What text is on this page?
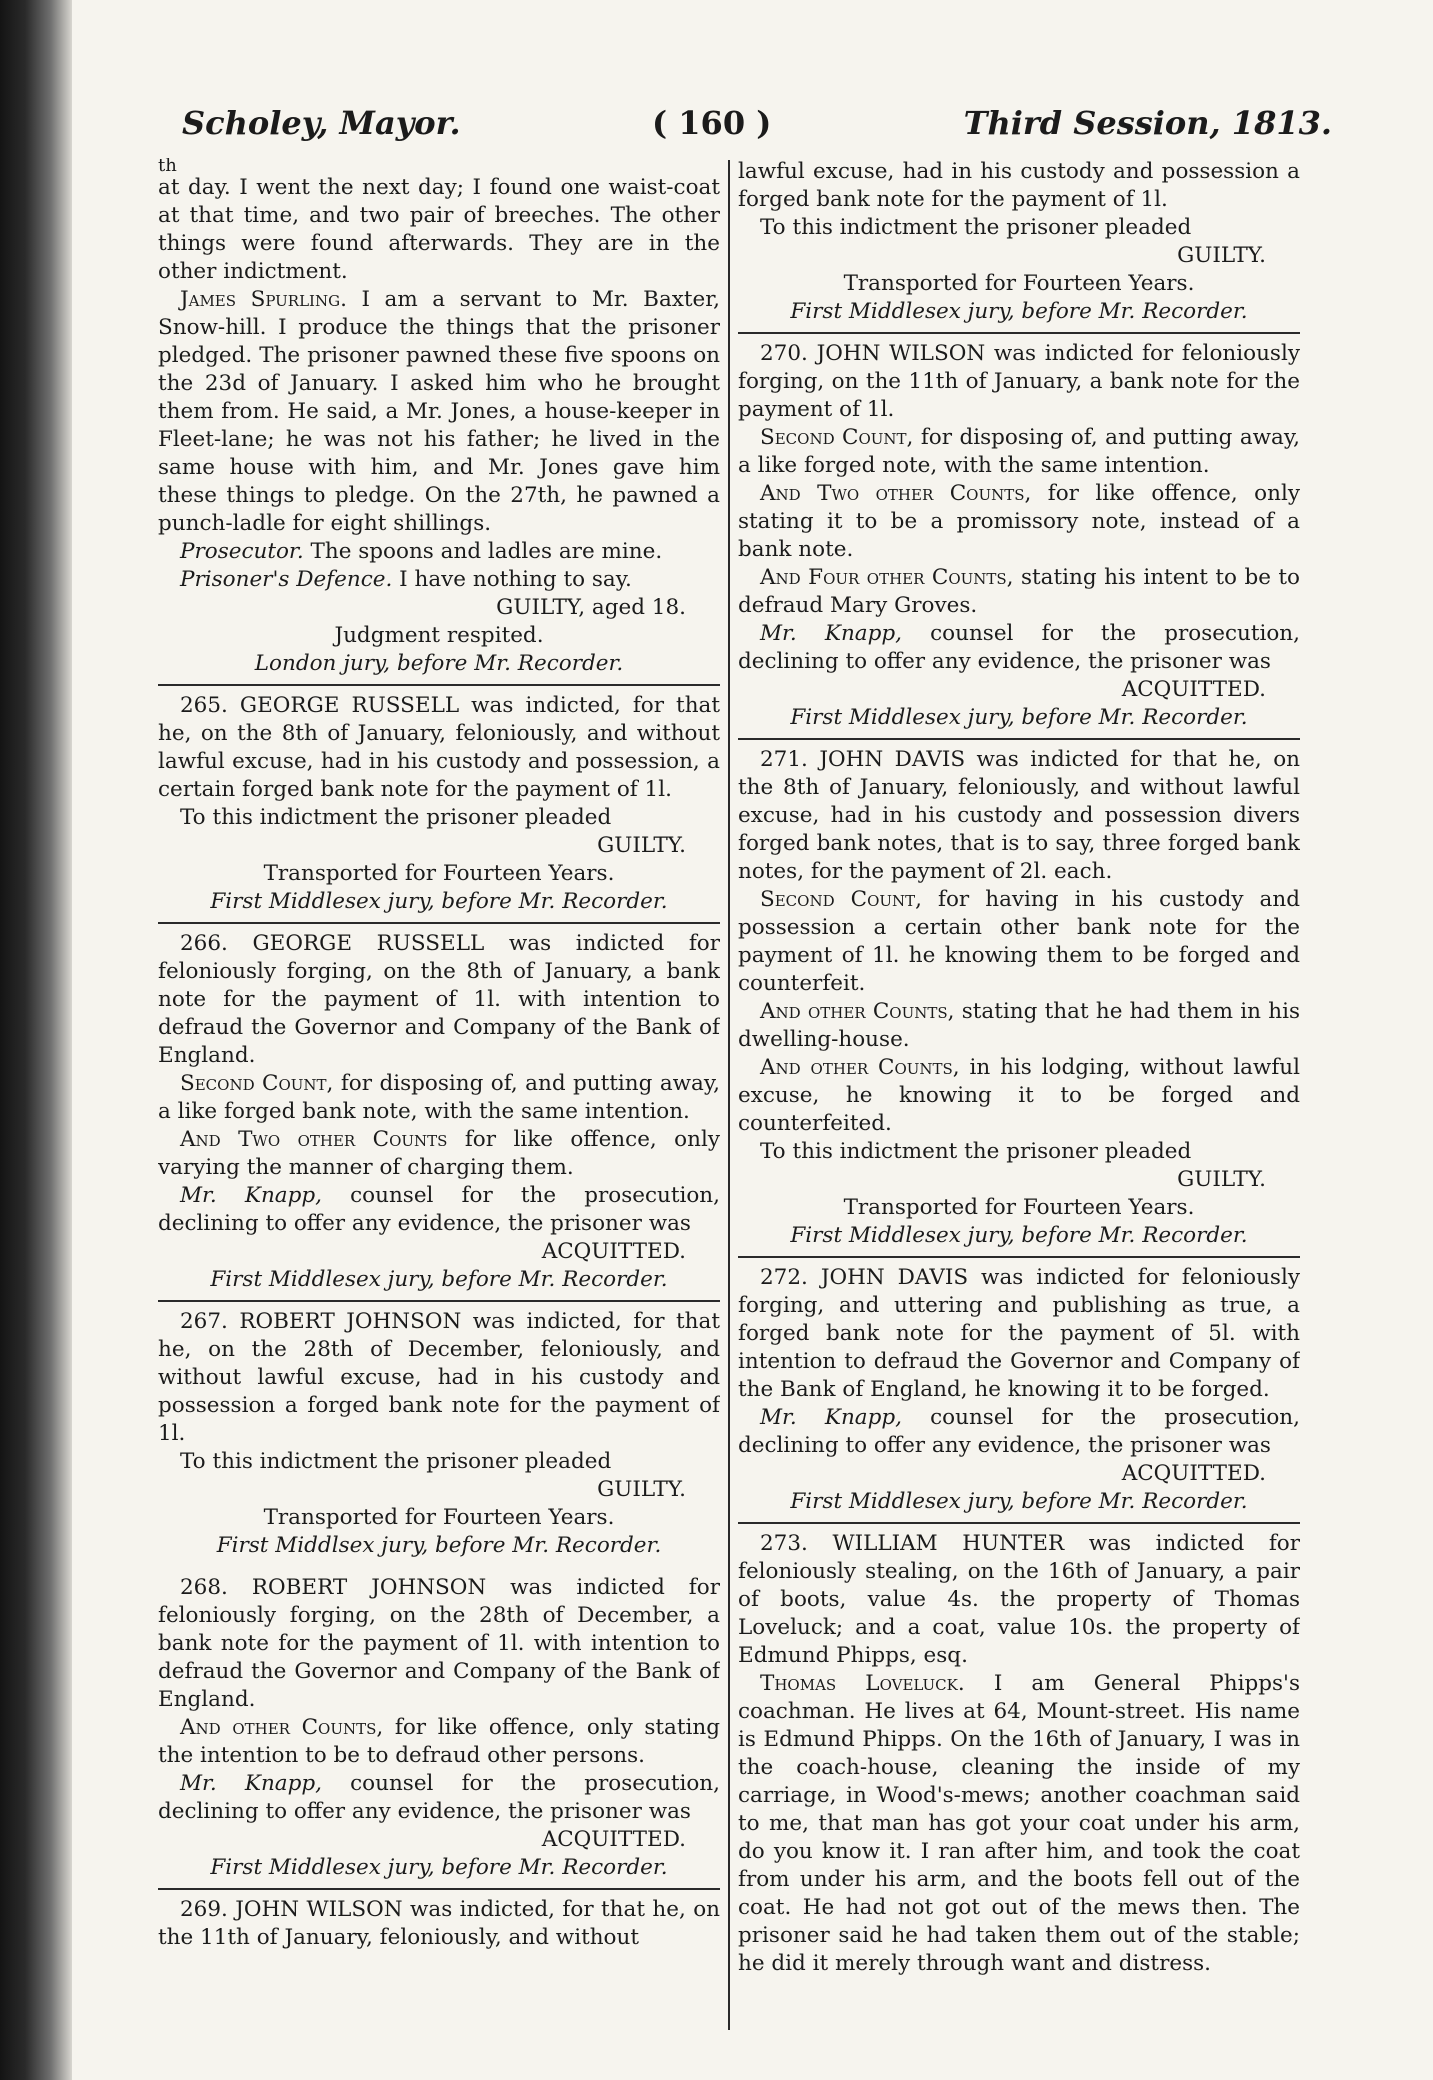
Scholey, Mayor.	( 160 )	Third Session, 1813.

th

at day. I went the next day; I found one waist-coat at that time, and two pair of breeches. The other things were found afterwards. They are in the other indictment.

James Spurling. I am a servant to Mr. Baxter, Snow-hill. I produce the things that the prisoner pledged. The prisoner pawned these five spoons on the 23d of January. I asked him who he brought them from. He said, a Mr. Jones, a house-keeper in Fleet-lane; he was not his father; he lived in the same house with him, and Mr. Jones gave him these things to pledge. On the 27th, he pawned a punch-ladle for eight shillings.

Prosecutor. The spoons and ladles are mine.

Prisoner's Defence. I have nothing to say.

GUILTY, aged 18.

Judgment respited.

London jury, before Mr. Recorder.

265. GEORGE RUSSELL was indicted, for that he, on the 8th of January, feloniously, and without lawful excuse, had in his custody and possession, a certain forged bank note for the payment of 1l.

To this indictment the prisoner pleaded

GUILTY.

Transported for Fourteen Years.

First Middlesex jury, before Mr. Recorder.

266. GEORGE RUSSELL was indicted for feloniously forging, on the 8th of January, a bank note for the payment of 1l. with intention to defraud the Governor and Company of the Bank of England.

Second Count, for disposing of, and putting away, a like forged bank note, with the same intention.

And Two other Counts for like offence, only varying the manner of charging them.

Mr. Knapp, counsel for the prosecution, declining to offer any evidence, the prisoner was

ACQUITTED.

First Middlesex jury, before Mr. Recorder.

267. ROBERT JOHNSON was indicted, for that he, on the 28th of December, feloniously, and without lawful excuse, had in his custody and possession a forged bank note for the payment of 1l.

To this indictment the prisoner pleaded

GUILTY.

Transported for Fourteen Years.

First Middlsex jury, before Mr. Recorder.

268. ROBERT JOHNSON was indicted for feloniously forging, on the 28th of December, a bank note for the payment of 1l. with intention to defraud the Governor and Company of the Bank of England.

And other Counts, for like offence, only stating the intention to be to defraud other persons.

Mr. Knapp, counsel for the prosecution, declining to offer any evidence, the prisoner was

ACQUITTED.

First Middlesex jury, before Mr. Recorder.

269. JOHN WILSON was indicted, for that he, on the 11th of January, feloniously, and without

lawful excuse, had in his custody and possession a forged bank note for the payment of 1l.

To this indictment the prisoner pleaded

GUILTY.

Transported for Fourteen Years.

First Middlesex jury, before Mr. Recorder.

270. JOHN WILSON was indicted for feloniously forging, on the 11th of January, a bank note for the payment of 1l.

Second Count, for disposing of, and putting away, a like forged note, with the same intention.

And Two other Counts, for like offence, only stating it to be a promissory note, instead of a bank note.

And Four other Counts, stating his intent to be to defraud Mary Groves.

Mr. Knapp, counsel for the prosecution, declining to offer any evidence, the prisoner was

ACQUITTED.

First Middlesex jury, before Mr. Recorder.

271. JOHN DAVIS was indicted for that he, on the 8th of January, feloniously, and without lawful excuse, had in his custody and possession divers forged bank notes, that is to say, three forged bank notes, for the payment of 2l. each.

Second Count, for having in his custody and possession a certain other bank note for the payment of 1l. he knowing them to be forged and counterfeit.

And other Counts, stating that he had them in his dwelling-house.

And other Counts, in his lodging, without lawful excuse, he knowing it to be forged and counterfeited.

To this indictment the prisoner pleaded

GUILTY.

Transported for Fourteen Years.

First Middlesex jury, before Mr. Recorder.

272. JOHN DAVIS was indicted for feloniously forging, and uttering and publishing as true, a forged bank note for the payment of 5l. with intention to defraud the Governor and Company of the Bank of England, he knowing it to be forged.

Mr. Knapp, counsel for the prosecution, declining to offer any evidence, the prisoner was

ACQUITTED.

First Middlesex jury, before Mr. Recorder.

273. WILLIAM HUNTER was indicted for feloniously stealing, on the 16th of January, a pair of boots, value 4s. the property of Thomas Loveluck; and a coat, value 10s. the property of Edmund Phipps, esq.

Thomas Loveluck. I am General Phipps's coachman. He lives at 64, Mount-street. His name is Edmund Phipps. On the 16th of January, I was in the coach-house, cleaning the inside of my carriage, in Wood's-mews; another coachman said to me, that man has got your coat under his arm, do you know it. I ran after him, and took the coat from under his arm, and the boots fell out of the coat. He had not got out of the mews then. The prisoner said he had taken them out of the stable; he did it merely through want and distress.
